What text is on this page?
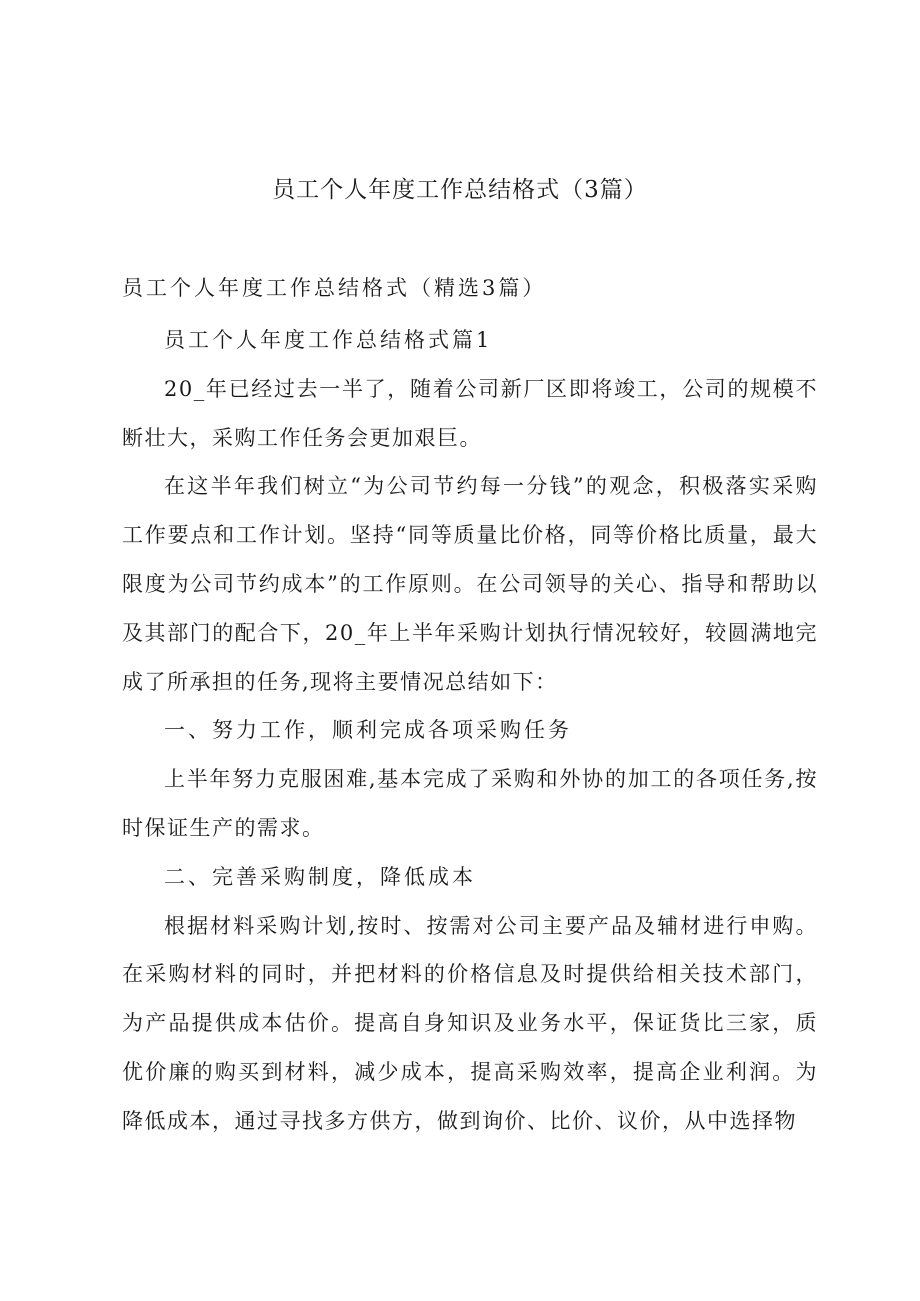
员工个人年度工作总结格式（3篇）
员工个人年度工作总结格式（精选3篇）

员工个人年度工作总结格式篇1

20_年已经过去一半了，随着公司新厂区即将竣工，公司的规模不断壮大，采购工作任务会更加艰巨。

在这半年我们树立“为公司节约每一分钱”的观念，积极落实采购工作要点和工作计划。坚持“同等质量比价格，同等价格比质量，最大限度为公司节约成本”的工作原则。在公司领导的关心、指导和帮助以及其部门的配合下，20_年上半年采购计划执行情况较好，较圆满地完成了所承担的任务,现将主要情况总结如下：

一、努力工作，顺利完成各项采购任务

上半年努力克服困难,基本完成了采购和外协的加工的各项任务,按时保证生产的需求。

二、完善采购制度，降低成本

根据材料采购计划,按时、按需对公司主要产品及辅材进行申购。在采购材料的同时，并把材料的价格信息及时提供给相关技术部门，为产品提供成本估价。提高自身知识及业务水平，保证货比三家，质优价廉的购买到材料，减少成本，提高采购效率，提高企业利润。为降低成本，通过寻找多方供方，做到询价、比价、议价，从中选择物
